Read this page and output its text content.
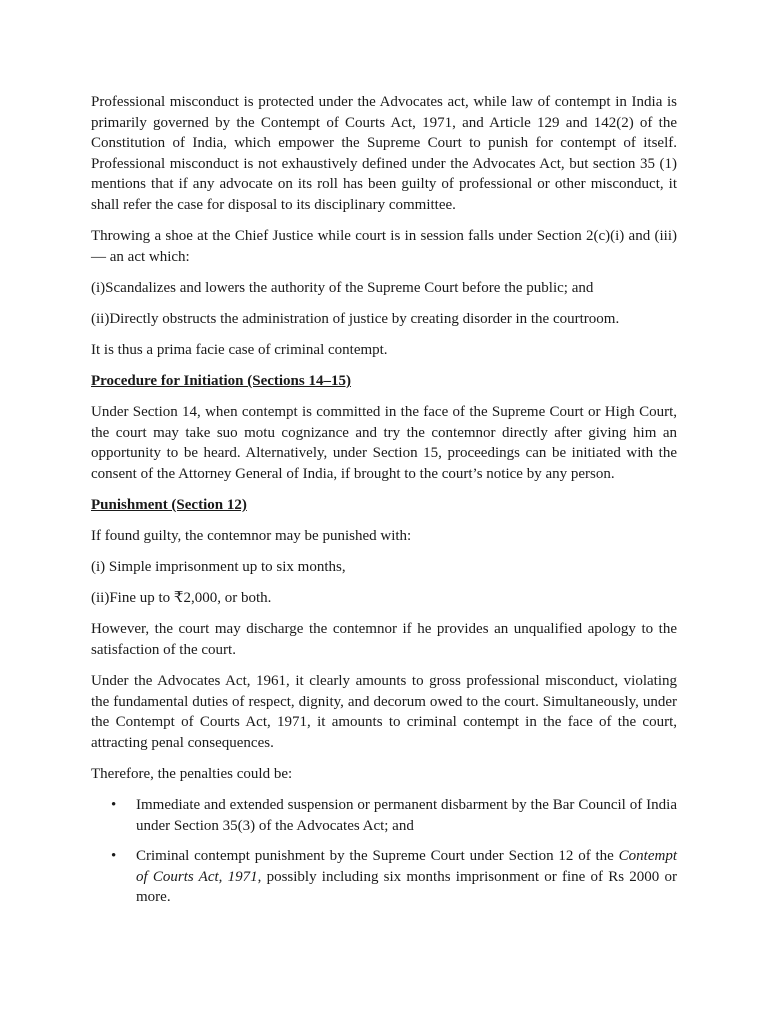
Professional misconduct is protected under the Advocates act, while law of contempt in India is primarily governed by the Contempt of Courts Act, 1971, and Article 129 and 142(2) of the Constitution of India, which empower the Supreme Court to punish for contempt of itself. Professional misconduct is not exhaustively defined under the Advocates Act, but section 35 (1) mentions that if any advocate on its roll has been guilty of professional or other misconduct, it shall refer the case for disposal to its disciplinary committee.

Throwing a shoe at the Chief Justice while court is in session falls under Section 2(c)(i) and (iii) — an act which:

(i)Scandalizes and lowers the authority of the Supreme Court before the public; and

(ii)Directly obstructs the administration of justice by creating disorder in the courtroom.

It is thus a prima facie case of criminal contempt.

Procedure for Initiation (Sections 14–15)

Under Section 14, when contempt is committed in the face of the Supreme Court or High Court, the court may take suo motu cognizance and try the contemnor directly after giving him an opportunity to be heard. Alternatively, under Section 15, proceedings can be initiated with the consent of the Attorney General of India, if brought to the court’s notice by any person.

Punishment (Section 12)

If found guilty, the contemnor may be punished with:

(i) Simple imprisonment up to six months,

(ii)Fine up to ₹2,000, or both.

However, the court may discharge the contemnor if he provides an unqualified apology to the satisfaction of the court.

Under the Advocates Act, 1961, it clearly amounts to gross professional misconduct, violating the fundamental duties of respect, dignity, and decorum owed to the court. Simultaneously, under the Contempt of Courts Act, 1971, it amounts to criminal contempt in the face of the court, attracting penal consequences.

Therefore, the penalties could be:

• Immediate and extended suspension or permanent disbarment by the Bar Council of India under Section 35(3) of the Advocates Act; and
• Criminal contempt punishment by the Supreme Court under Section 12 of the Contempt of Courts Act, 1971, possibly including six months imprisonment or fine of Rs 2000 or more.
